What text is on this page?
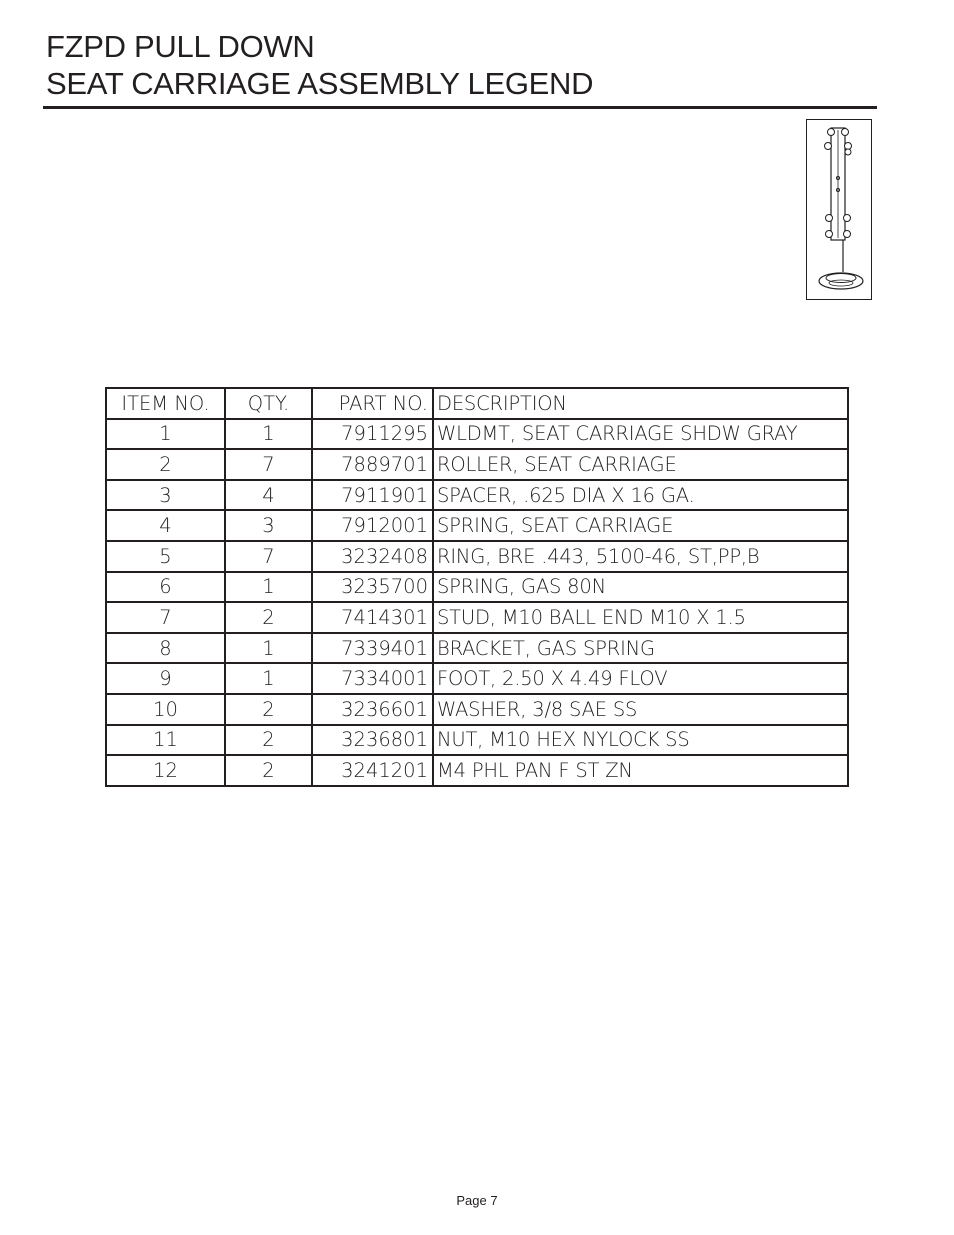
FZPD PULL DOWN
SEAT CARRIAGE ASSEMBLY LEGEND
ITEM NO.	QTY.	PART NO.	DESCRIPTION
1	1	7911295	WLDMT, SEAT CARRIAGE SHDW GRAY
2	7	7889701	ROLLER, SEAT CARRIAGE
3	4	7911901	SPACER, .625 DIA X 16 GA.
4	3	7912001	SPRING, SEAT CARRIAGE
5	7	3232408	RING, BRE .443, 5100-46, ST,PP,B
6	1	3235700	SPRING, GAS 80N
7	2	7414301	STUD, M10 BALL END M10 X 1.5
8	1	7339401	BRACKET, GAS SPRING
9	1	7334001	FOOT, 2.50 X 4.49 FLOV
10	2	3236601	WASHER, 3/8 SAE SS
11	2	3236801	NUT, M10 HEX NYLOCK SS
12	2	3241201	M4 PHL PAN F ST ZN
Page 7
